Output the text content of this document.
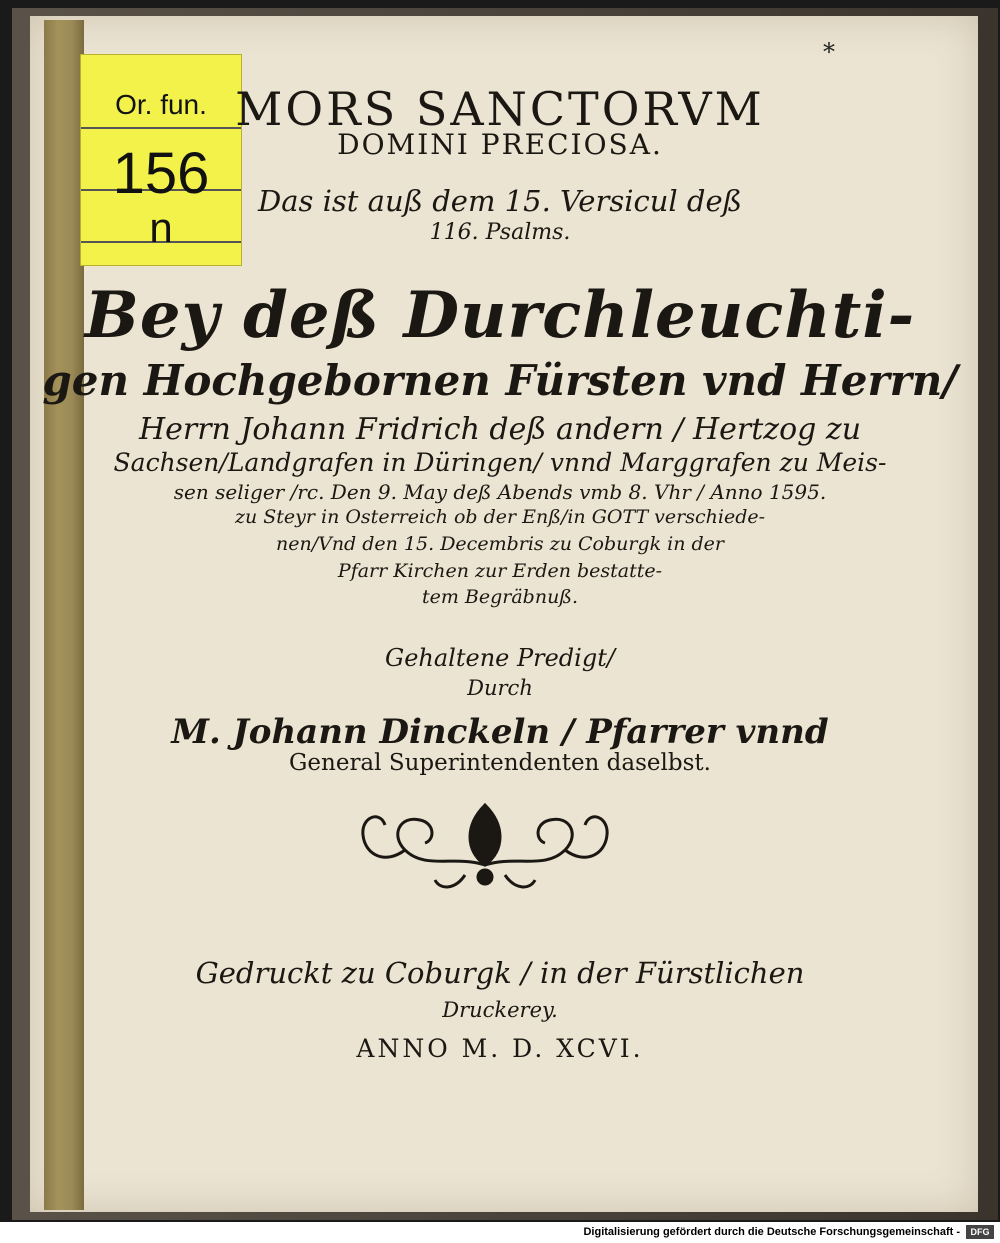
Or. fun.
156
n
*
MORS SANCTORVM
DOMINI PRECIOSA.
Das ist auß dem 15. Versicul deß
116. Psalms.
Bey deß Durchleuchti-
gen Hochgebornen Fürsten vnd Herrn/
Herrn Johann Fridrich deß andern / Hertzog zu
Sachsen/Landgrafen in Düringen/ vnnd Marggrafen zu Meis-
sen seliger /rc. Den 9. May deß Abends vmb 8. Vhr / Anno 1595.
zu Steyr in Osterreich ob der Enß/in GOTT verschiede-
nen/Vnd den 15. Decembris zu Coburgk in der
Pfarr Kirchen zur Erden bestatte-
tem Begräbnuß.
Gehaltene Predigt/
Durch
M. Johann Dinckeln / Pfarrer vnnd
General Superintendenten daselbst.
Gedruckt zu Coburgk / in der Fürstlichen
Druckerey.
ANNO M. D. XCVI.
Digitalisierung gefördert durch die Deutsche Forschungsgemeinschaft -	DFG
